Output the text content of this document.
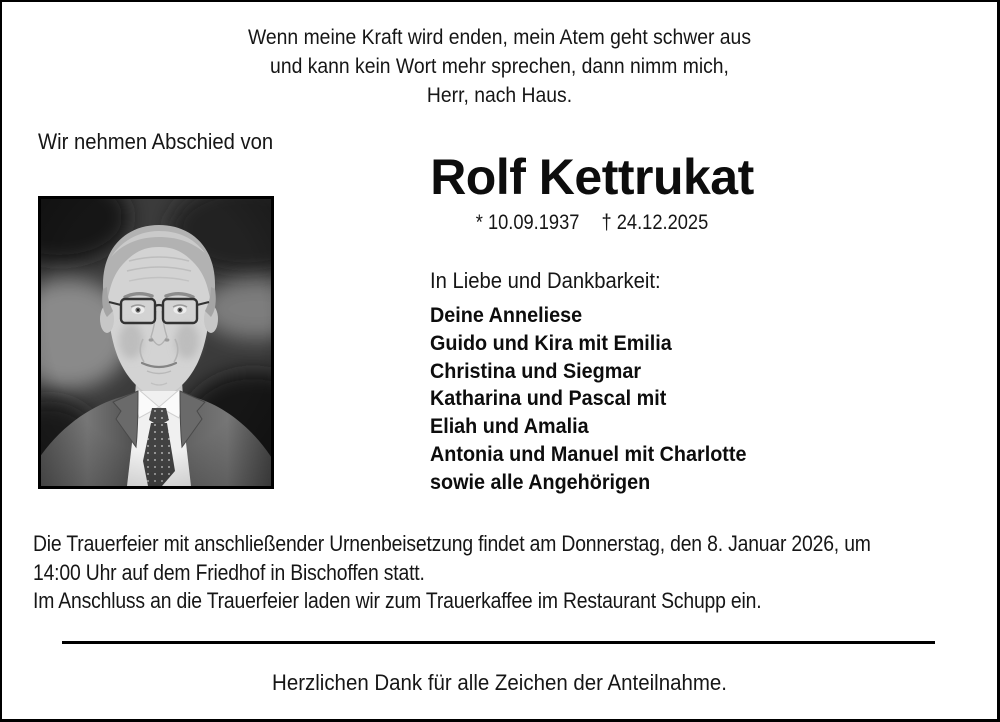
Wenn meine Kraft wird enden, mein Atem geht schwer aus
und kann kein Wort mehr sprechen, dann nimm mich,
Herr, nach Haus.
Wir nehmen Abschied von
Rolf Kettrukat
* 10.09.1937 † 24.12.2025
In Liebe und Dankbarkeit:
Deine Anneliese
Guido und Kira mit Emilia
Christina und Siegmar
Katharina und Pascal mit
Eliah und Amalia
Antonia und Manuel mit Charlotte
sowie alle Angehörigen
Die Trauerfeier mit anschließender Urnenbeisetzung findet am Donnerstag, den 8. Januar 2026, um
14:00 Uhr auf dem Friedhof in Bischoffen statt.
Im Anschluss an die Trauerfeier laden wir zum Trauerkaffee im Restaurant Schupp ein.
Herzlichen Dank für alle Zeichen der Anteilnahme.
